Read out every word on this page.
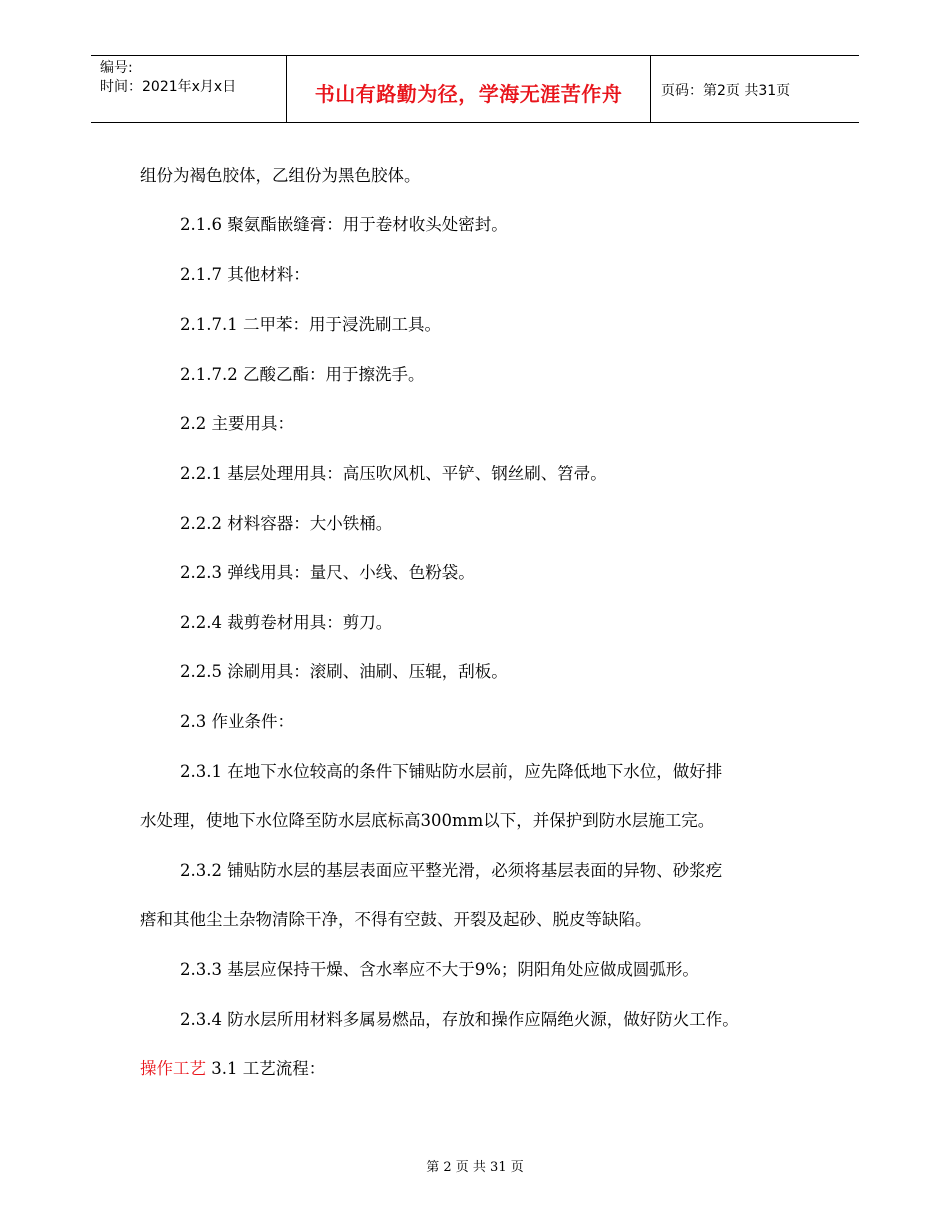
编号:
时间：2021年x月x日	书山有路勤为径，学海无涯苦作舟	页码：第2页 共31页
组份为褐色胶体，乙组份为黑色胶体。
2.1.6 聚氨酯嵌缝膏：用于卷材收头处密封。
2.1.7 其他材料：
2.1.7.1 二甲苯：用于浸洗刷工具。
2.1.7.2 乙酸乙酯：用于擦洗手。
2.2 主要用具：
2.2.1 基层处理用具：高压吹风机、平铲、钢丝刷、笤帚。
2.2.2 材料容器：大小铁桶。
2.2.3 弹线用具：量尺、小线、色粉袋。
2.2.4 裁剪卷材用具：剪刀。
2.2.5 涂刷用具：滚刷、油刷、压辊，刮板。
2.3 作业条件：
2.3.1 在地下水位较高的条件下铺贴防水层前，应先降低地下水位，做好排
水处理，使地下水位降至防水层底标高300mm以下，并保护到防水层施工完。
2.3.2 铺贴防水层的基层表面应平整光滑，必须将基层表面的异物、砂浆疙
瘩和其他尘土杂物清除干净，不得有空鼓、开裂及起砂、脱皮等缺陷。
2.3.3 基层应保持干燥、含水率应不大于9%；阴阳角处应做成圆弧形。
2.3.4 防水层所用材料多属易燃品，存放和操作应隔绝火源，做好防火工作。
操作工艺 3.1 工艺流程：
第 2 页 共 31 页
